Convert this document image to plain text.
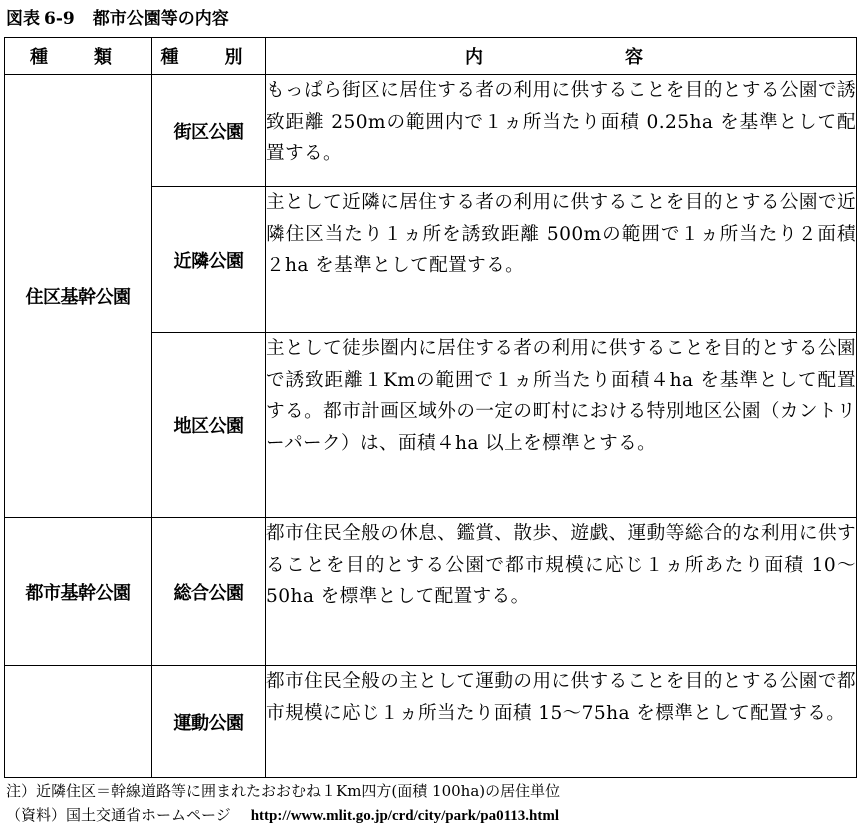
図表 6-9 都市公園等の内容
種　類	種　別	内　　　　容
住区基幹公園	街区公園	もっぱら街区に居住する者の利用に供することを目的とする公園で誘致距離 250mの範囲内で１ヵ所当たり面積 0.25ha を基準として配置する。

	近隣公園	主として近隣に居住する者の利用に供することを目的とする公園で近隣住区当たり１ヵ所を誘致距離 500mの範囲で１ヵ所当たり２面積２ha を基準として配置する。

	地区公園	主として徒歩圏内に居住する者の利用に供することを目的とする公園で誘致距離１Kmの範囲で１ヵ所当たり面積４ha を基準として配置する。都市計画区域外の一定の町村における特別地区公園（カントリーパーク）は、面積４ha 以上を標準とする。

都市基幹公園	総合公園	都市住民全般の休息、鑑賞、散歩、遊戯、運動等総合的な利用に供することを目的とする公園で都市規模に応じ１ヵ所あたり面積 10～50ha を標準として配置する。

	運動公園	都市住民全般の主として運動の用に供することを目的とする公園で都市規模に応じ１ヵ所当たり面積 15～75ha を標準として配置する。
注）近隣住区＝幹線道路等に囲まれたおおむね１Km四方(面積 100ha)の居住単位
（資料）国土交通省ホームページ http://www.mlit.go.jp/crd/city/park/pa0113.html
